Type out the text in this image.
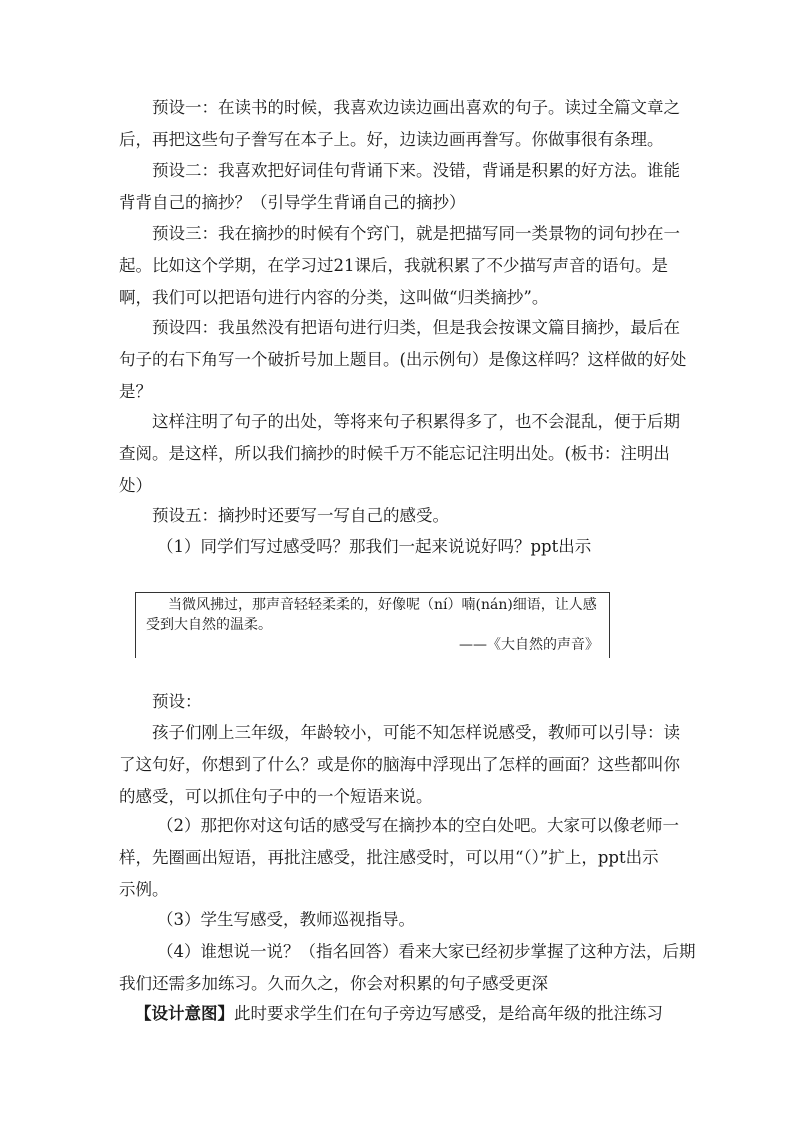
预设一：在读书的时候，我喜欢边读边画出喜欢的句子。读过全篇文章之
后，再把这些句子誊写在本子上。好，边读边画再誊写。你做事很有条理。

预设二：我喜欢把好词佳句背诵下来。没错，背诵是积累的好方法。谁能
背背自己的摘抄？（引导学生背诵自己的摘抄）

预设三：我在摘抄的时候有个窍门，就是把描写同一类景物的词句抄在一
起。比如这个学期，在学习过21课后，我就积累了不少描写声音的语句。是
啊，我们可以把语句进行内容的分类，这叫做“归类摘抄”。

预设四：我虽然没有把语句进行归类，但是我会按课文篇目摘抄，最后在
句子的右下角写一个破折号加上题目。(出示例句）是像这样吗？这样做的好处
是？

这样注明了句子的出处，等将来句子积累得多了，也不会混乱，便于后期
查阅。是这样，所以我们摘抄的时候千万不能忘记注明出处。(板书：注明出
处）

预设五：摘抄时还要写一写自己的感受。

（1）同学们写过感受吗？那我们一起来说说好吗？ppt出示

当微风拂过，那声音轻轻柔柔的，好像呢（ní）喃(nán)细语，让人感受到大自然的温柔。

——《大自然的声音》

预设：

孩子们刚上三年级，年龄较小，可能不知怎样说感受，教师可以引导：读
了这句好，你想到了什么？或是你的脑海中浮现出了怎样的画面？这些都叫你
的感受，可以抓住句子中的一个短语来说。

（2）那把你对这句话的感受写在摘抄本的空白处吧。大家可以像老师一
样，先圈画出短语，再批注感受，批注感受时，可以用“（）”扩上，ppt出示
示例。

（3）学生写感受，教师巡视指导。

（4）谁想说一说？（指名回答）看来大家已经初步掌握了这种方法，后期
我们还需多加练习。久而久之，你会对积累的句子感受更深

【设计意图】此时要求学生们在句子旁边写感受，是给高年级的批注练习
